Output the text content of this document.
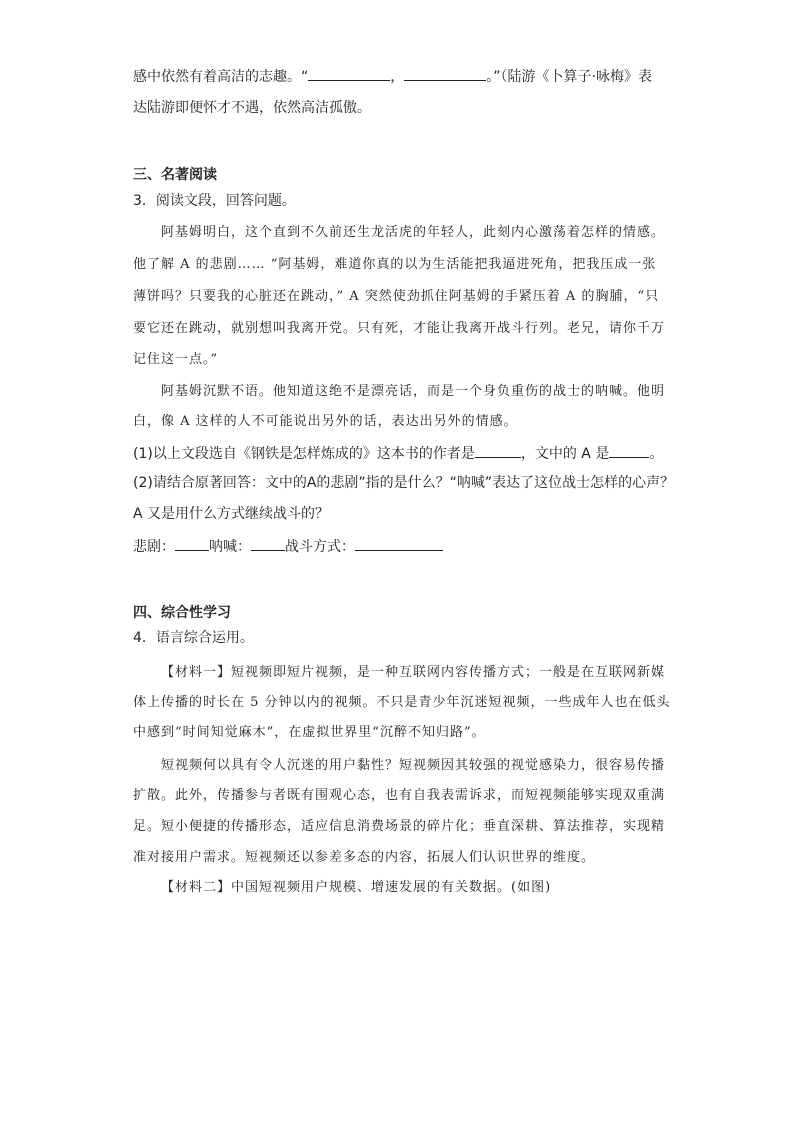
感中依然有着高洁的志趣。“	，	。”（陆游《卜算子·咏梅》表
达陆游即便怀才不遇，依然高洁孤傲。
三、名著阅读
3．阅读文段，回答问题。
阿基姆明白，这个直到不久前还生龙活虎的年轻人，此刻内心激荡着怎样的情感。
他了解 A 的悲剧…… “阿基姆，难道你真的以为生活能把我逼进死角，把我压成一张
薄饼吗？只要我的心脏还在跳动，” A 突然使劲抓住阿基姆的手紧压着 A 的胸脯，“只
要它还在跳动，就别想叫我离开党。只有死，才能让我离开战斗行列。老兄，请你千万
记住这一点。”
阿基姆沉默不语。他知道这绝不是漂亮话，而是一个身负重伤的战士的呐喊。他明
白，像 A 这样的人不可能说出另外的话，表达出另外的情感。
(1)以上文段选自《钢铁是怎样炼成的》这本书的作者是	，文中的 A 是	。
(2)请结合原著回答：文中的A的悲剧”指的是什么？“呐喊”表达了这位战士怎样的心声？
A 又是用什么方式继续战斗的？
悲剧： 呐喊： 战斗方式：
四、综合性学习
4．语言综合运用。
【材料一】短视频即短片视频，是一种互联网内容传播方式；一般是在互联网新媒
体上传播的时长在 5 分钟以内的视频。不只是青少年沉迷短视频，一些成年人也在低头
中感到“时间知觉麻木”，在虚拟世界里“沉醉不知归路”。
短视频何以具有令人沉迷的用户黏性？短视频因其较强的视觉感染力，很容易传播
扩散。此外，传播参与者既有围观心态，也有自我表需诉求，而短视频能够实现双重满
足。短小便捷的传播形态，适应信息消费场景的碎片化；垂直深耕、算法推荐，实现精
准对接用户需求。短视频还以参差多态的内容，拓展人们认识世界的维度。
【材料二】中国短视频用户规模、增速发展的有关数据。(如图)
